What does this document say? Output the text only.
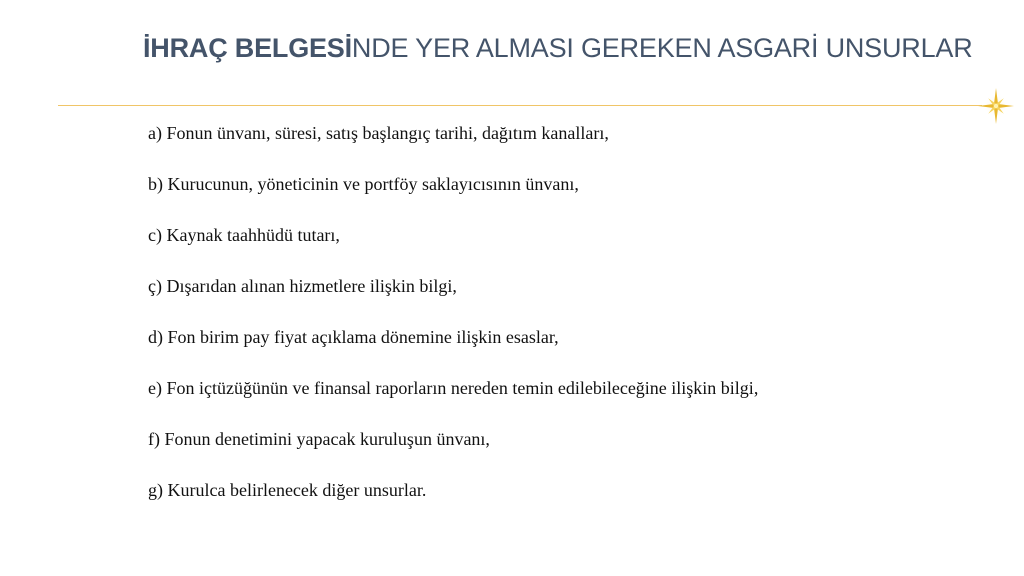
İHRAÇ BELGESİNDE YER ALMASI GEREKEN ASGARİ UNSURLAR
a) Fonun ünvanı, süresi, satış başlangıç tarihi, dağıtım kanalları,
b) Kurucunun, yöneticinin ve portföy saklayıcısının ünvanı,
c) Kaynak taahhüdü tutarı,
ç) Dışarıdan alınan hizmetlere ilişkin bilgi,
d) Fon birim pay fiyat açıklama dönemine ilişkin esaslar,
e) Fon içtüzüğünün ve finansal raporların nereden temin edilebileceğine ilişkin bilgi,
f) Fonun denetimini yapacak kuruluşun ünvanı,
g) Kurulca belirlenecek diğer unsurlar.
